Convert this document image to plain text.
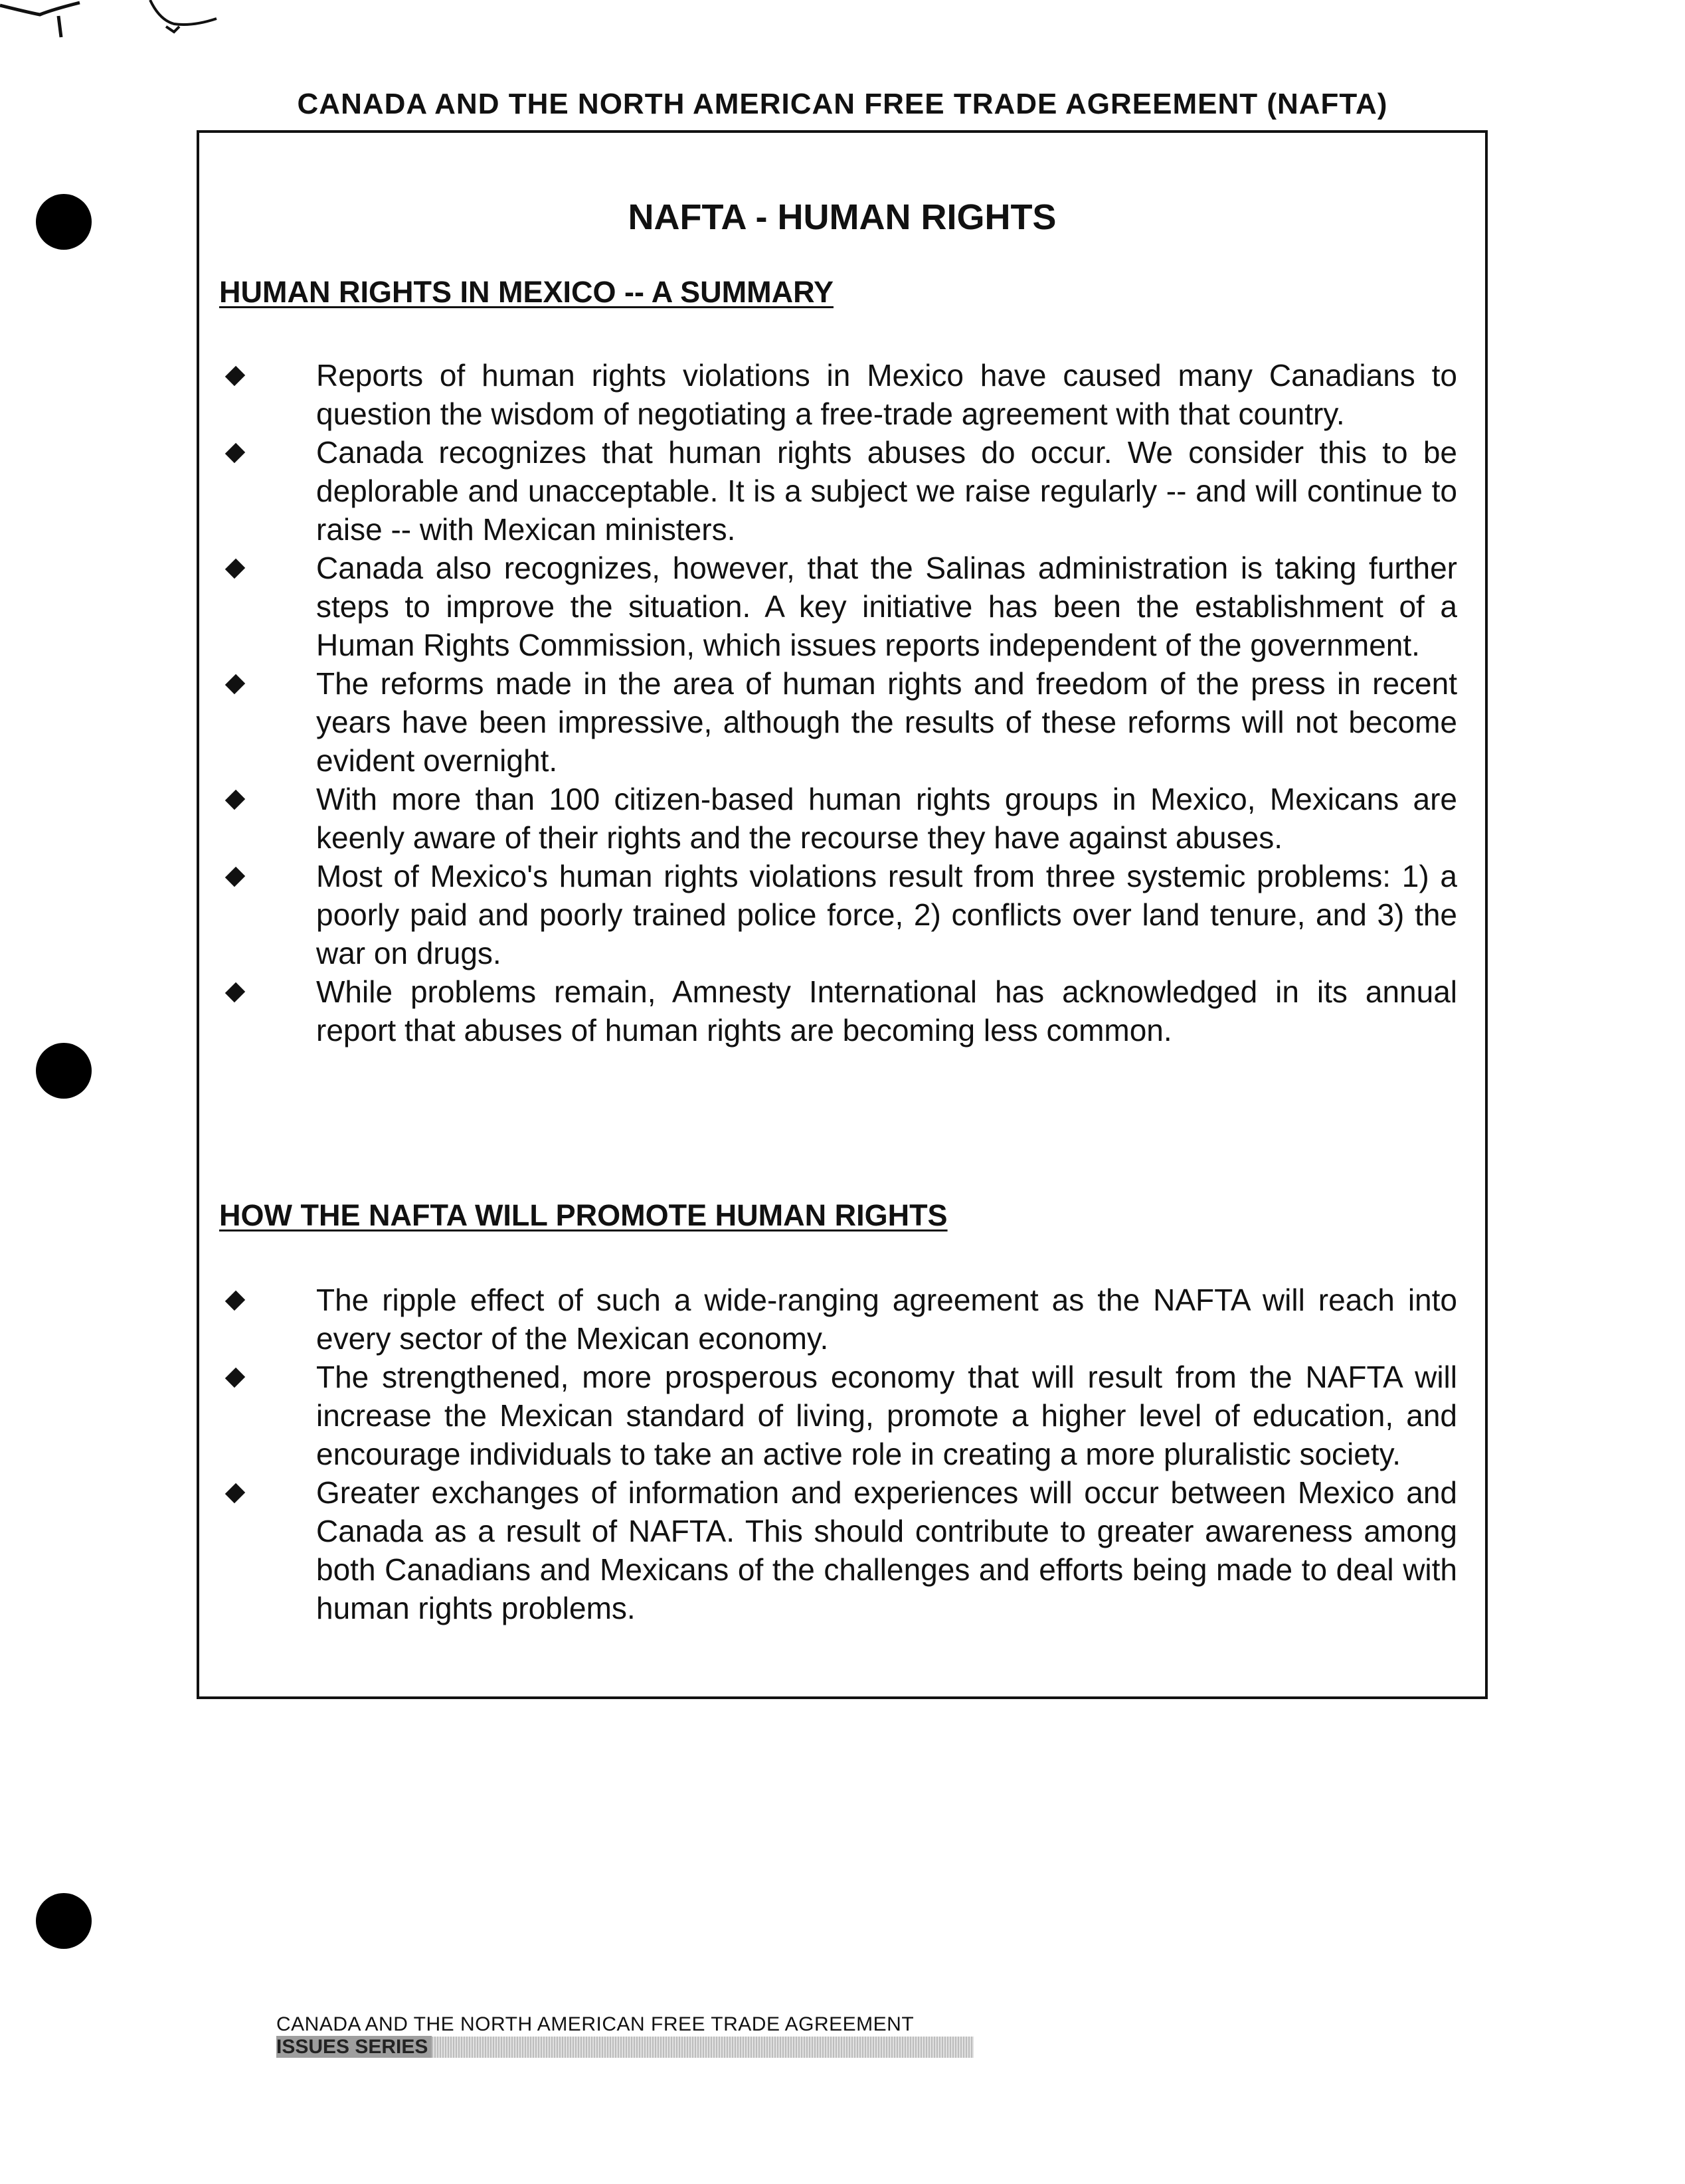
CANADA AND THE NORTH AMERICAN FREE TRADE AGREEMENT (NAFTA)
NAFTA - HUMAN RIGHTS
HUMAN RIGHTS IN MEXICO -- A SUMMARY
Reports of human rights violations in Mexico have caused many Canadians to question the wisdom of negotiating a free-trade agreement with that country.
Canada recognizes that human rights abuses do occur. We consider this to be deplorable and unacceptable. It is a subject we raise regularly -- and will continue to raise -- with Mexican ministers.
Canada also recognizes, however, that the Salinas administration is taking further steps to improve the situation. A key initiative has been the establishment of a Human Rights Commission, which issues reports independent of the government.
The reforms made in the area of human rights and freedom of the press in recent years have been impressive, although the results of these reforms will not become evident overnight.
With more than 100 citizen-based human rights groups in Mexico, Mexicans are keenly aware of their rights and the recourse they have against abuses.
Most of Mexico's human rights violations result from three systemic problems: 1) a poorly paid and poorly trained police force, 2) conflicts over land tenure, and 3) the war on drugs.
While problems remain, Amnesty International has acknowledged in its annual report that abuses of human rights are becoming less common.
HOW THE NAFTA WILL PROMOTE HUMAN RIGHTS
The ripple effect of such a wide-ranging agreement as the NAFTA will reach into every sector of the Mexican economy.
The strengthened, more prosperous economy that will result from the NAFTA will increase the Mexican standard of living, promote a higher level of education, and encourage individuals to take an active role in creating a more pluralistic society.
Greater exchanges of information and experiences will occur between Mexico and Canada as a result of NAFTA. This should contribute to greater awareness among both Canadians and Mexicans of the challenges and efforts being made to deal with human rights problems.
CANADA AND THE NORTH AMERICAN FREE TRADE AGREEMENT
ISSUES SERIES
